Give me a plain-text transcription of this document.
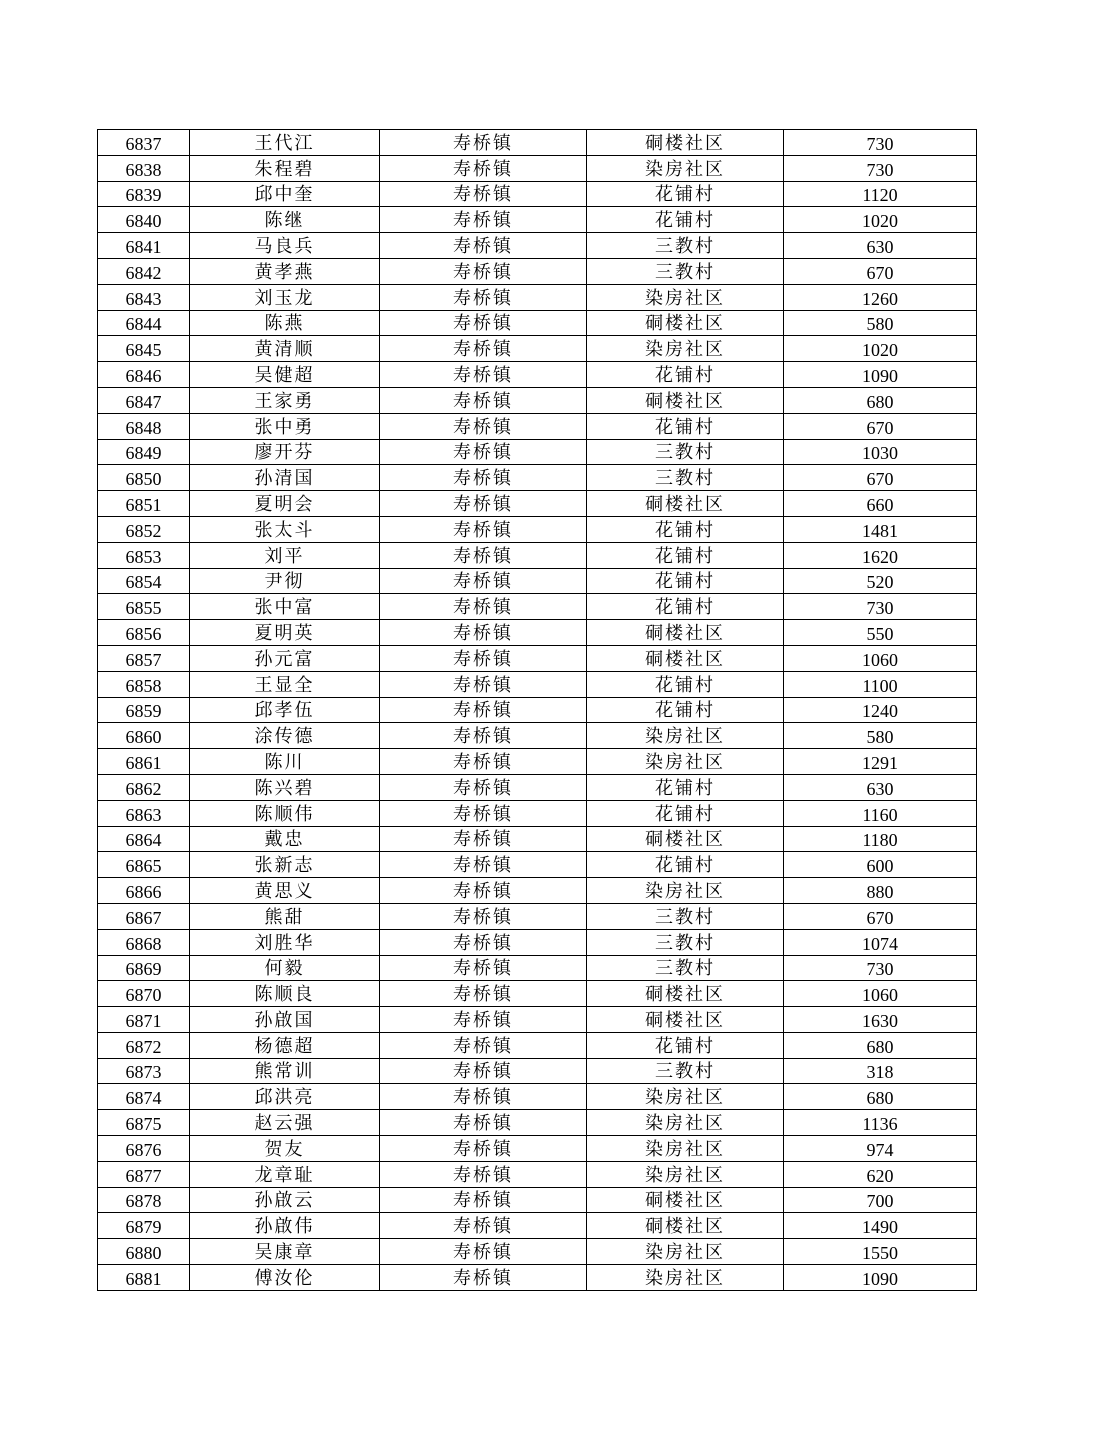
6837	王代江	寿桥镇	硐楼社区	730
6838	朱程碧	寿桥镇	染房社区	730
6839	邱中奎	寿桥镇	花铺村	1120
6840	陈继	寿桥镇	花铺村	1020
6841	马良兵	寿桥镇	三教村	630
6842	黄孝燕	寿桥镇	三教村	670
6843	刘玉龙	寿桥镇	染房社区	1260
6844	陈燕	寿桥镇	硐楼社区	580
6845	黄清顺	寿桥镇	染房社区	1020
6846	吴健超	寿桥镇	花铺村	1090
6847	王家勇	寿桥镇	硐楼社区	680
6848	张中勇	寿桥镇	花铺村	670
6849	廖开芬	寿桥镇	三教村	1030
6850	孙清国	寿桥镇	三教村	670
6851	夏明会	寿桥镇	硐楼社区	660
6852	张太斗	寿桥镇	花铺村	1481
6853	刘平	寿桥镇	花铺村	1620
6854	尹彻	寿桥镇	花铺村	520
6855	张中富	寿桥镇	花铺村	730
6856	夏明英	寿桥镇	硐楼社区	550
6857	孙元富	寿桥镇	硐楼社区	1060
6858	王显全	寿桥镇	花铺村	1100
6859	邱孝伍	寿桥镇	花铺村	1240
6860	涂传德	寿桥镇	染房社区	580
6861	陈川	寿桥镇	染房社区	1291
6862	陈兴碧	寿桥镇	花铺村	630
6863	陈顺伟	寿桥镇	花铺村	1160
6864	戴忠	寿桥镇	硐楼社区	1180
6865	张新志	寿桥镇	花铺村	600
6866	黄思义	寿桥镇	染房社区	880
6867	熊甜	寿桥镇	三教村	670
6868	刘胜华	寿桥镇	三教村	1074
6869	何毅	寿桥镇	三教村	730
6870	陈顺良	寿桥镇	硐楼社区	1060
6871	孙啟国	寿桥镇	硐楼社区	1630
6872	杨德超	寿桥镇	花铺村	680
6873	熊常训	寿桥镇	三教村	318
6874	邱洪亮	寿桥镇	染房社区	680
6875	赵云强	寿桥镇	染房社区	1136
6876	贺友	寿桥镇	染房社区	974
6877	龙章耻	寿桥镇	染房社区	620
6878	孙啟云	寿桥镇	硐楼社区	700
6879	孙啟伟	寿桥镇	硐楼社区	1490
6880	吴康章	寿桥镇	染房社区	1550
6881	傅汝伦	寿桥镇	染房社区	1090
